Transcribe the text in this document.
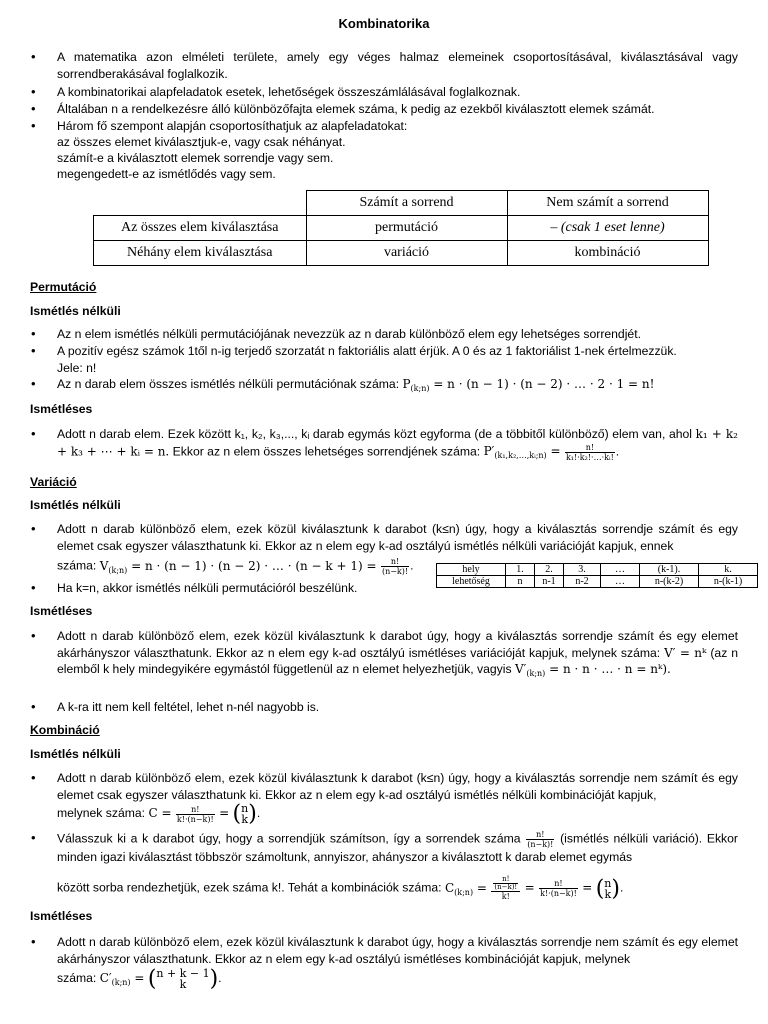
Kombinatorika
• A matematika azon elméleti területe, amely egy véges halmaz elemeinek csoportosításával, kiválasztásával vagy sorrendberakásával foglalkozik.
• A kombinatorikai alapfeladatok esetek, lehetőségek összeszámlálásával foglalkoznak.
• Általában n a rendelkezésre álló különbözőfajta elemek száma, k pedig az ezekből kiválasztott elemek számát.
• Három fő szempont alapján csoportosíthatjuk az alapfeladatokat:
az összes elemet kiválasztjuk-e, vagy csak néhányat.
számít-e a kiválasztott elemek sorrendje vagy sem.
megengedett-e az ismétlődés vagy sem.
	Számít a sorrend	Nem számít a sorrend
Az összes elem kiválasztása	permutáció	– (csak 1 eset lenne)
Néhány elem kiválasztása	variáció	kombináció
Permutáció
Ismétlés nélküli
• Az n elem ismétlés nélküli permutációjának nevezzük az n darab különböző elem egy lehetséges sorrendjét.
• A pozitív egész számok 1től n-ig terjedő szorzatát n faktoriális alatt érjük. A 0 és az 1 faktoriálist 1-nek értelmezzük.
Jele: n!
• Az n darab elem összes ismétlés nélküli permutációnak száma: $P_{(k;n)} = n \cdot (n - 1) \cdot (n - 2)$ · … · 2 · 1 = n!
Ismétléses
• Adott n darab elem. Ezek között k₁, k₂, k₃,..., kᵢ darab egymás közt egyforma (de a többitől különböző) elem van, ahol k₁ + k₂ + k₃ + ⋯ + kᵢ = n. Ekkor az n elem összes lehetséges sorrendjének száma: $P'_{(k_1,k_2,\dots,kᵢ;n)} = \frac{n!}{\text{k₁!·k₂!·…·kᵢ!}}$ .
Variáció
Ismétlés nélküli
• Adott n darab különböző elem, ezek közül kiválasztunk k darabot (k≤n) úgy, hogy a kiválasztás sorrendje számít és egy elemet csak egyszer választhatunk ki. Ekkor az n elem egy k-ad osztályú ismétlés nélküli variációját kapjuk, ennek
száma: $V_{(k;n)} = n \cdot (n - 1) \cdot (n - 2)$ · … · $(n - k + 1) = \frac{n!}{(n-k)!}$ .
• Ha k=n, akkor ismétlés nélküli permutációról beszélünk.
hely	1.	2.	3.	…	(k-1).	k.
lehetőség	n	n-1	n-2	…	n-(k-2)	n-(k-1)
Ismétléses
• Adott n darab különböző elem, ezek közül kiválasztunk k darabot úgy, hogy a kiválasztás sorrendje számít és egy elemet akárhányszor választhatunk. Ekkor az n elem egy k-ad osztályú ismétléses variációját kapjuk, melynek száma: V′ = nᵏ (az n elemből k hely mindegyikére egymástól függetlenül az n elemet helyezhetjük, vagyis $V'_{(k;n)} = n \cdot n$ · … · n = nᵏ).
• A k-ra itt nem kell feltétel, lehet n-nél nagyobb is.
Kombináció
Ismétlés nélküli
• Adott n darab különböző elem, ezek közül kiválasztunk k darabot (k≤n) úgy, hogy a kiválasztás sorrendje nem számít és egy elemet csak egyszer választhatunk ki. Ekkor az n elem egy k-ad osztályú ismétlés nélküli kombinációját kapjuk,
melynek száma: $C = \frac{n!}{k!\cdot(n-k)!}$ = ( n
k ).
• Válasszuk ki a k darabot úgy, hogy a sorrendjük számítson, így a sorrendek száma $\frac{n!}{(n-k)!}$ (ismétlés nélküli variáció). Ekkor minden igazi kiválasztást többször számoltunk, annyiszor, ahányszor a kiválasztott k darab elemet egymás
között sorba rendezhetjük, ezek száma k!. Tehát a kombinációk száma: $C_{(k;n)} = \frac{\frac{n!}{(n-k)!}}{k!} = \frac{n!}{k!\cdot(n-k)!}$ = ( n
k ).
Ismétléses
• Adott n darab különböző elem, ezek közül kiválasztunk k darabot úgy, hogy a kiválasztás sorrendje nem számít és egy elemet akárhányszor választhatunk. Ekkor az n elem egy k-ad osztályú ismétléses kombinációját kapjuk, melynek
száma: $C'_{(k;n)}$ = ( n + k − 1
k	).
